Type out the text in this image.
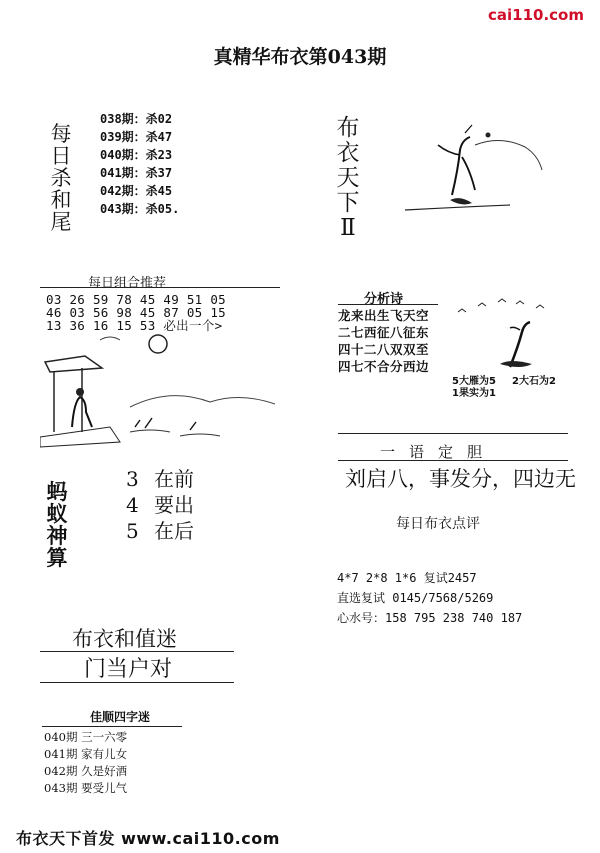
cai110.com
真精华布衣第043期
每
日
杀
和
尾
038期：杀02
039期：杀47
040期：杀23
041期：杀37
042期：杀45
043期：杀05.
布
衣
天
下
Ⅱ
每日组合推荐
03 26 59 78 45 49 51 05
46 03 56 98 45 87 05 15
13 36 16 15 53 必出一个>
蚂
蚁
神
算
3 在前
4 要出
5 在后
分析诗
龙来出生飞天空
二七西征八征东
四十二八双双至
四七不合分西边
5大雁为5 2大石为2
1果实为1
一语定胆
刘启八，事发分，四边无
每日布衣点评
4*7 2*8 1*6 复试2457
直选复试 0145/7568/5269
心水号：158 795 238 740 187
布衣和值迷
门当户对
佳顺四字迷
040期 三一六零
041期 家有儿女
042期 久是好酒
043期 要受儿气
布衣天下首发 www.cai110.com
